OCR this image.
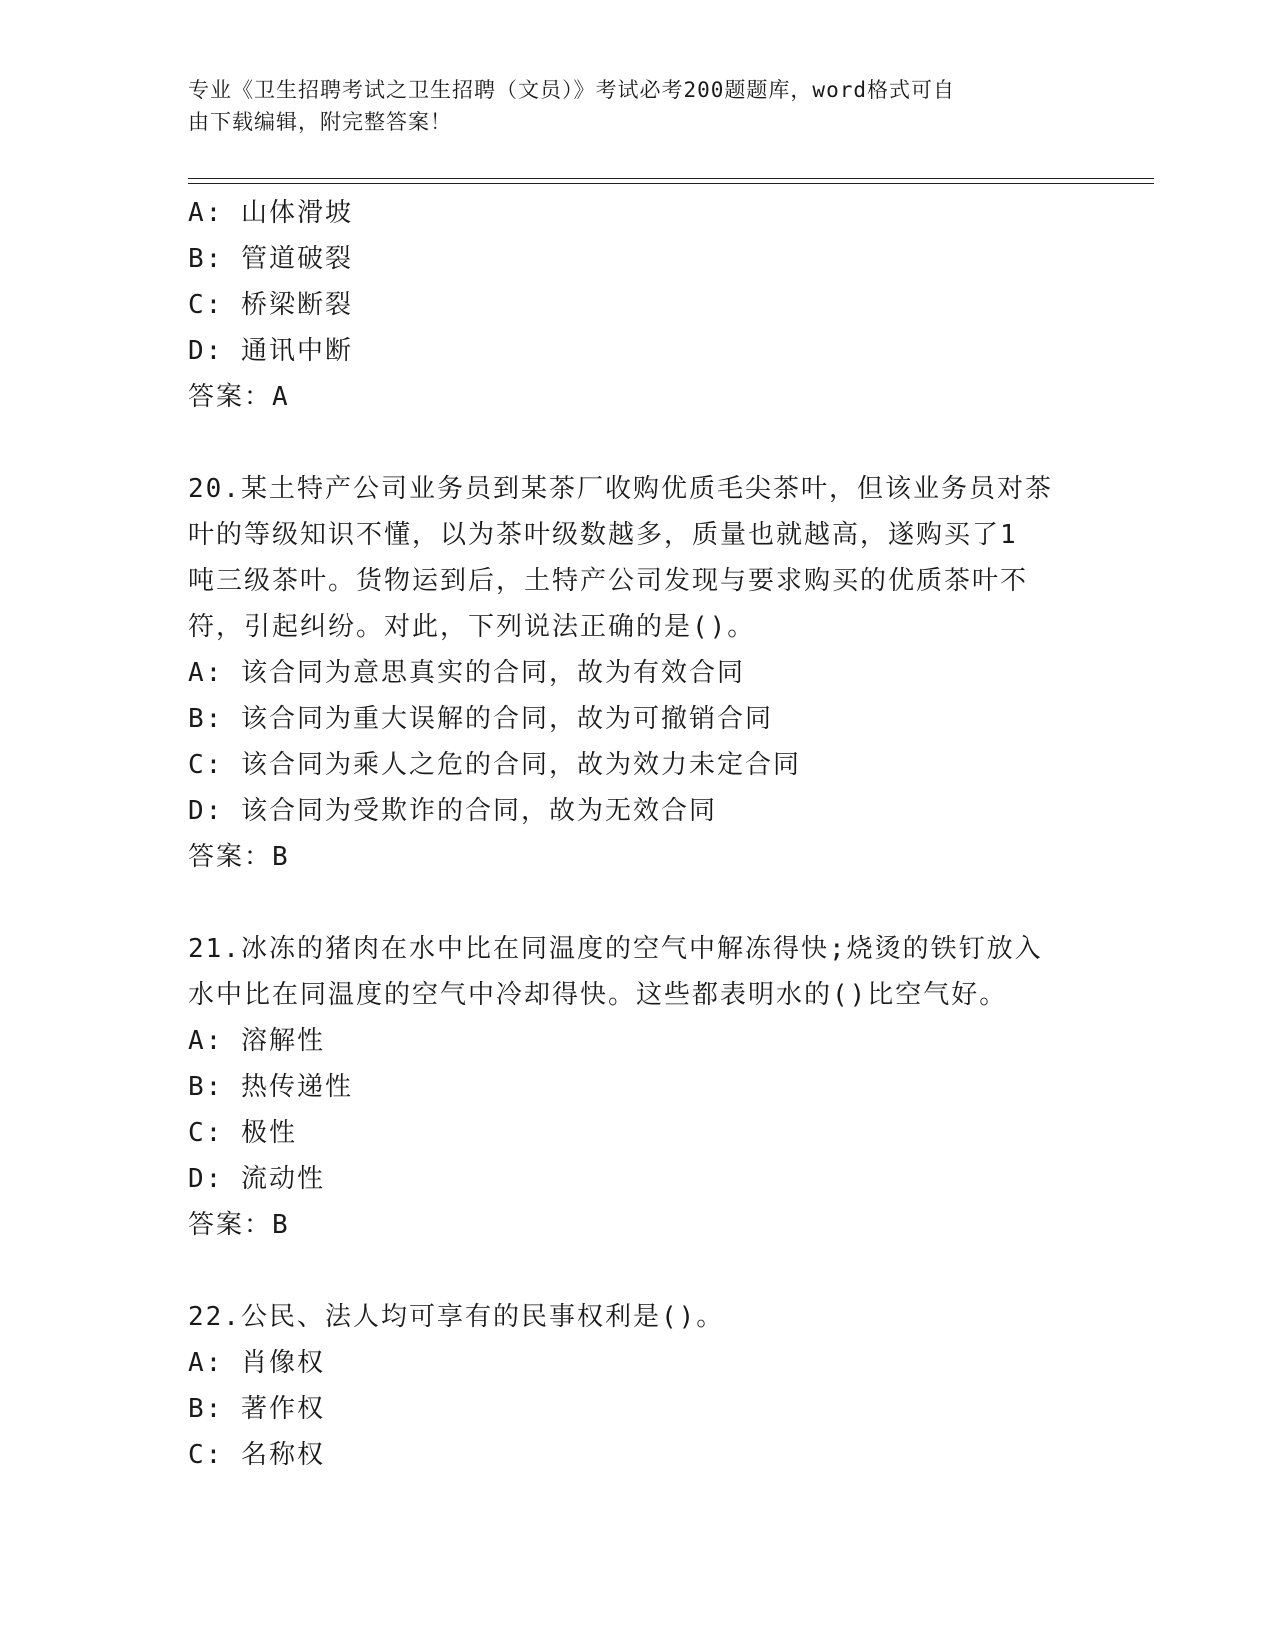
专业《卫生招聘考试之卫生招聘（文员）》考试必考200题题库，word格式可自
由下载编辑，附完整答案！
A: 山体滑坡
B: 管道破裂
C: 桥梁断裂
D: 通讯中断
答案：A
20.某土特产公司业务员到某茶厂收购优质毛尖茶叶，但该业务员对茶
叶的等级知识不懂，以为茶叶级数越多，质量也就越高，遂购买了1
吨三级茶叶。货物运到后，土特产公司发现与要求购买的优质茶叶不
符，引起纠纷。对此，下列说法正确的是()。
A: 该合同为意思真实的合同，故为有效合同
B: 该合同为重大误解的合同，故为可撤销合同
C: 该合同为乘人之危的合同，故为效力未定合同
D: 该合同为受欺诈的合同，故为无效合同
答案：B
21.冰冻的猪肉在水中比在同温度的空气中解冻得快;烧烫的铁钉放入
水中比在同温度的空气中冷却得快。这些都表明水的()比空气好。
A: 溶解性
B: 热传递性
C: 极性
D: 流动性
答案：B
22.公民、法人均可享有的民事权利是()。
A: 肖像权
B: 著作权
C: 名称权
